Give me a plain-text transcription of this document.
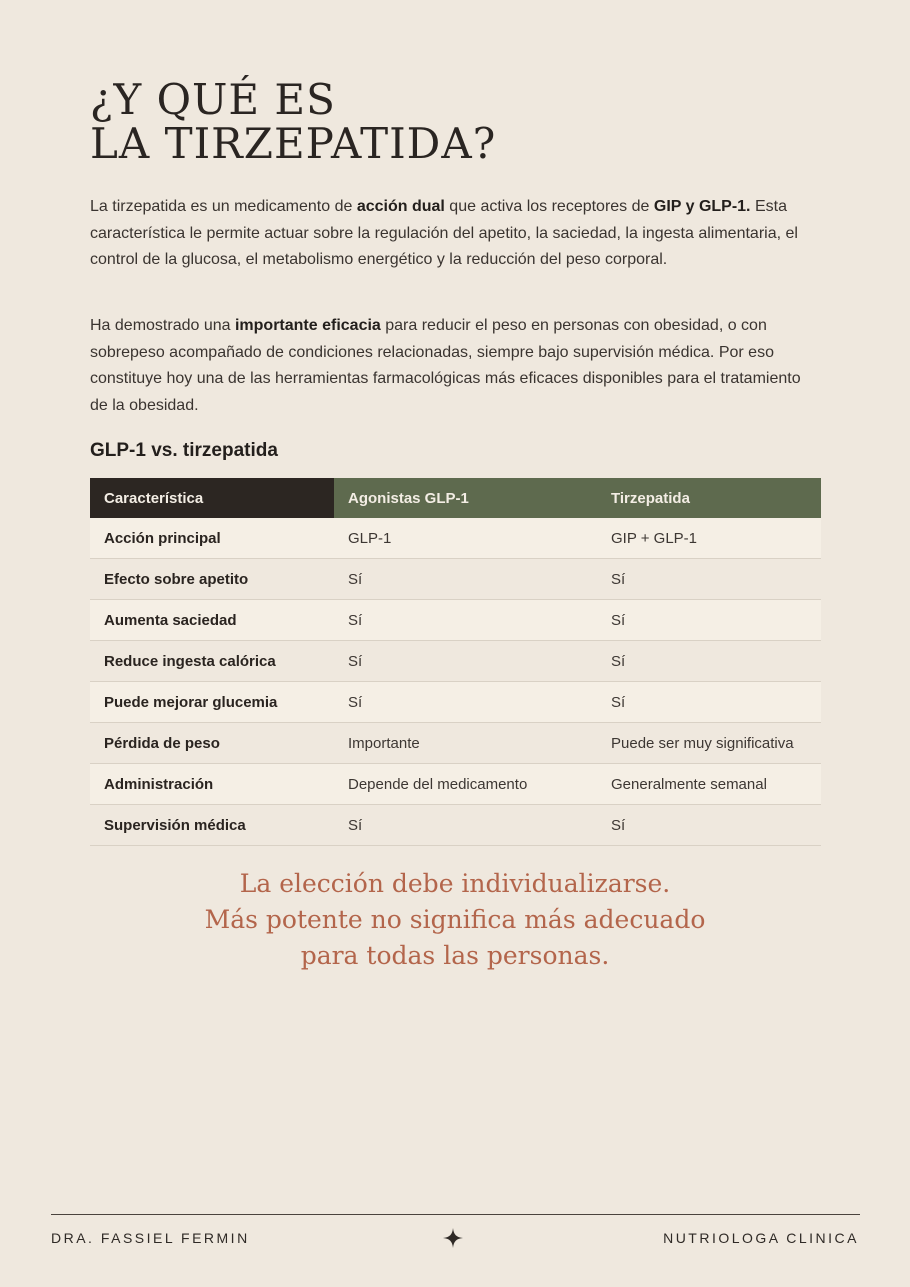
¿Y QUÉ ES
LA TIRZEPATIDA?

La tirzepatida es un medicamento de acción dual que activa los receptores de GIP y GLP-1. Esta característica le permite actuar sobre la regulación del apetito, la saciedad, la ingesta alimentaria, el control de la glucosa, el metabolismo energético y la reducción del peso corporal.

Ha demostrado una importante eficacia para reducir el peso en personas con obesidad, o con sobrepeso acompañado de condiciones relacionadas, siempre bajo supervisión médica. Por eso constituye hoy una de las herramientas farmacológicas más eficaces disponibles para el tratamiento de la obesidad.

GLP-1 vs. tirzepatida
Característica	Agonistas GLP-1	Tirzepatida
Acción principal	GLP-1	GIP + GLP-1
Efecto sobre apetito	Sí	Sí
Aumenta saciedad	Sí	Sí
Reduce ingesta calórica	Sí	Sí
Puede mejorar glucemia	Sí	Sí
Pérdida de peso	Importante	Puede ser muy significativa
Administración	Depende del medicamento	Generalmente semanal
Supervisión médica	Sí	Sí
La elección debe individualizarse.
Más potente no significa más adecuado
para todas las personas.
DRA. FASSIEL FERMIN	NUTRIOLOGA CLINICA
